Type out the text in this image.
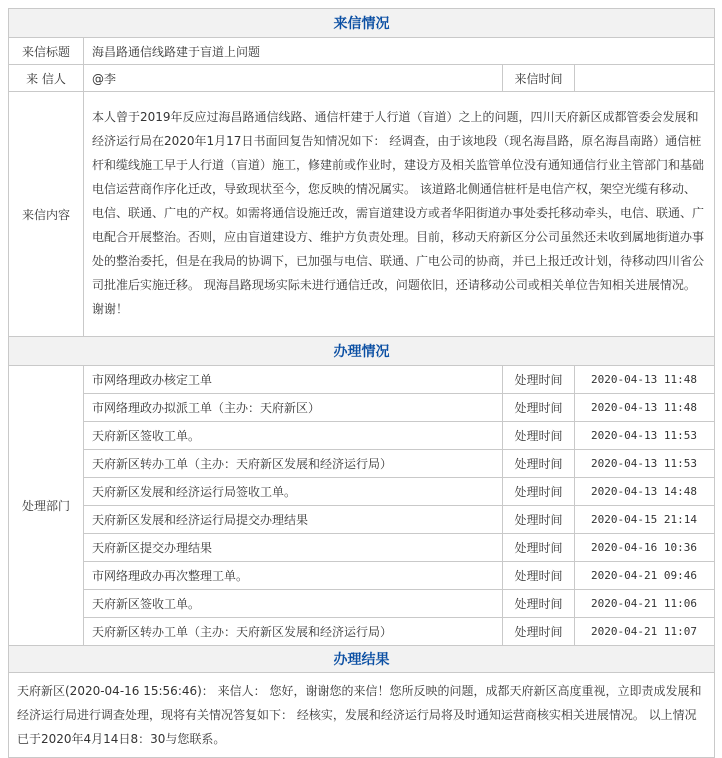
来信情况			
来信标题	海昌路通信线路建于盲道上问题		
来 信人	@李	来信时间	
来信内容	本人曾于2019年反应过海昌路通信线路、通信杆建于人行道（盲道）之上的问题，四川天府新区成都管委会发展和经济运行局在2020年1月17日书面回复告知情况如下： 经调查，由于该地段（现名海昌路，原名海昌南路）通信桩杆和缆线施工早于人行道（盲道）施工，修建前或作业时，建设方及相关监管单位没有通知通信行业主管部门和基础电信运营商作序化迁改，导致现状至今，您反映的情况属实。 该道路北侧通信桩杆是电信产权，架空光缆有移动、电信、联通、广电的产权。如需将通信设施迁改，需盲道建设方或者华阳街道办事处委托移动牵头，电信、联通、广电配合开展整治。否则，应由盲道建设方、维护方负责处理。目前，移动天府新区分公司虽然还未收到属地街道办事处的整治委托，但是在我局的协调下，已加强与电信、联通、广电公司的协商，并已上报迁改计划，待移动四川省公司批准后实施迁移。 现海昌路现场实际未进行通信迁改，问题依旧，还请移动公司或相关单位告知相关进展情况。谢谢！		
办理情况			
处理部门	市网络理政办核定工单	处理时间	2020-04-13 11:48
	市网络理政办拟派工单（主办：天府新区）	处理时间	2020-04-13 11:48
	天府新区签收工单。	处理时间	2020-04-13 11:53
	天府新区转办工单（主办：天府新区发展和经济运行局）	处理时间	2020-04-13 11:53
	天府新区发展和经济运行局签收工单。	处理时间	2020-04-13 14:48
	天府新区发展和经济运行局提交办理结果	处理时间	2020-04-15 21:14
	天府新区提交办理结果	处理时间	2020-04-16 10:36
	市网络理政办再次整理工单。	处理时间	2020-04-21 09:46
	天府新区签收工单。	处理时间	2020-04-21 11:06
	天府新区转办工单（主办：天府新区发展和经济运行局）	处理时间	2020-04-21 11:07
办理结果			
天府新区(2020-04-16 15:56:46)： 来信人： 您好，谢谢您的来信！您所反映的问题，成都天府新区高度重视，立即责成发展和经济运行局进行调查处理，现将有关情况答复如下： 经核实，发展和经济运行局将及时通知运营商核实相关进展情况。 以上情况已于2020年4月14日8：30与您联系。			
